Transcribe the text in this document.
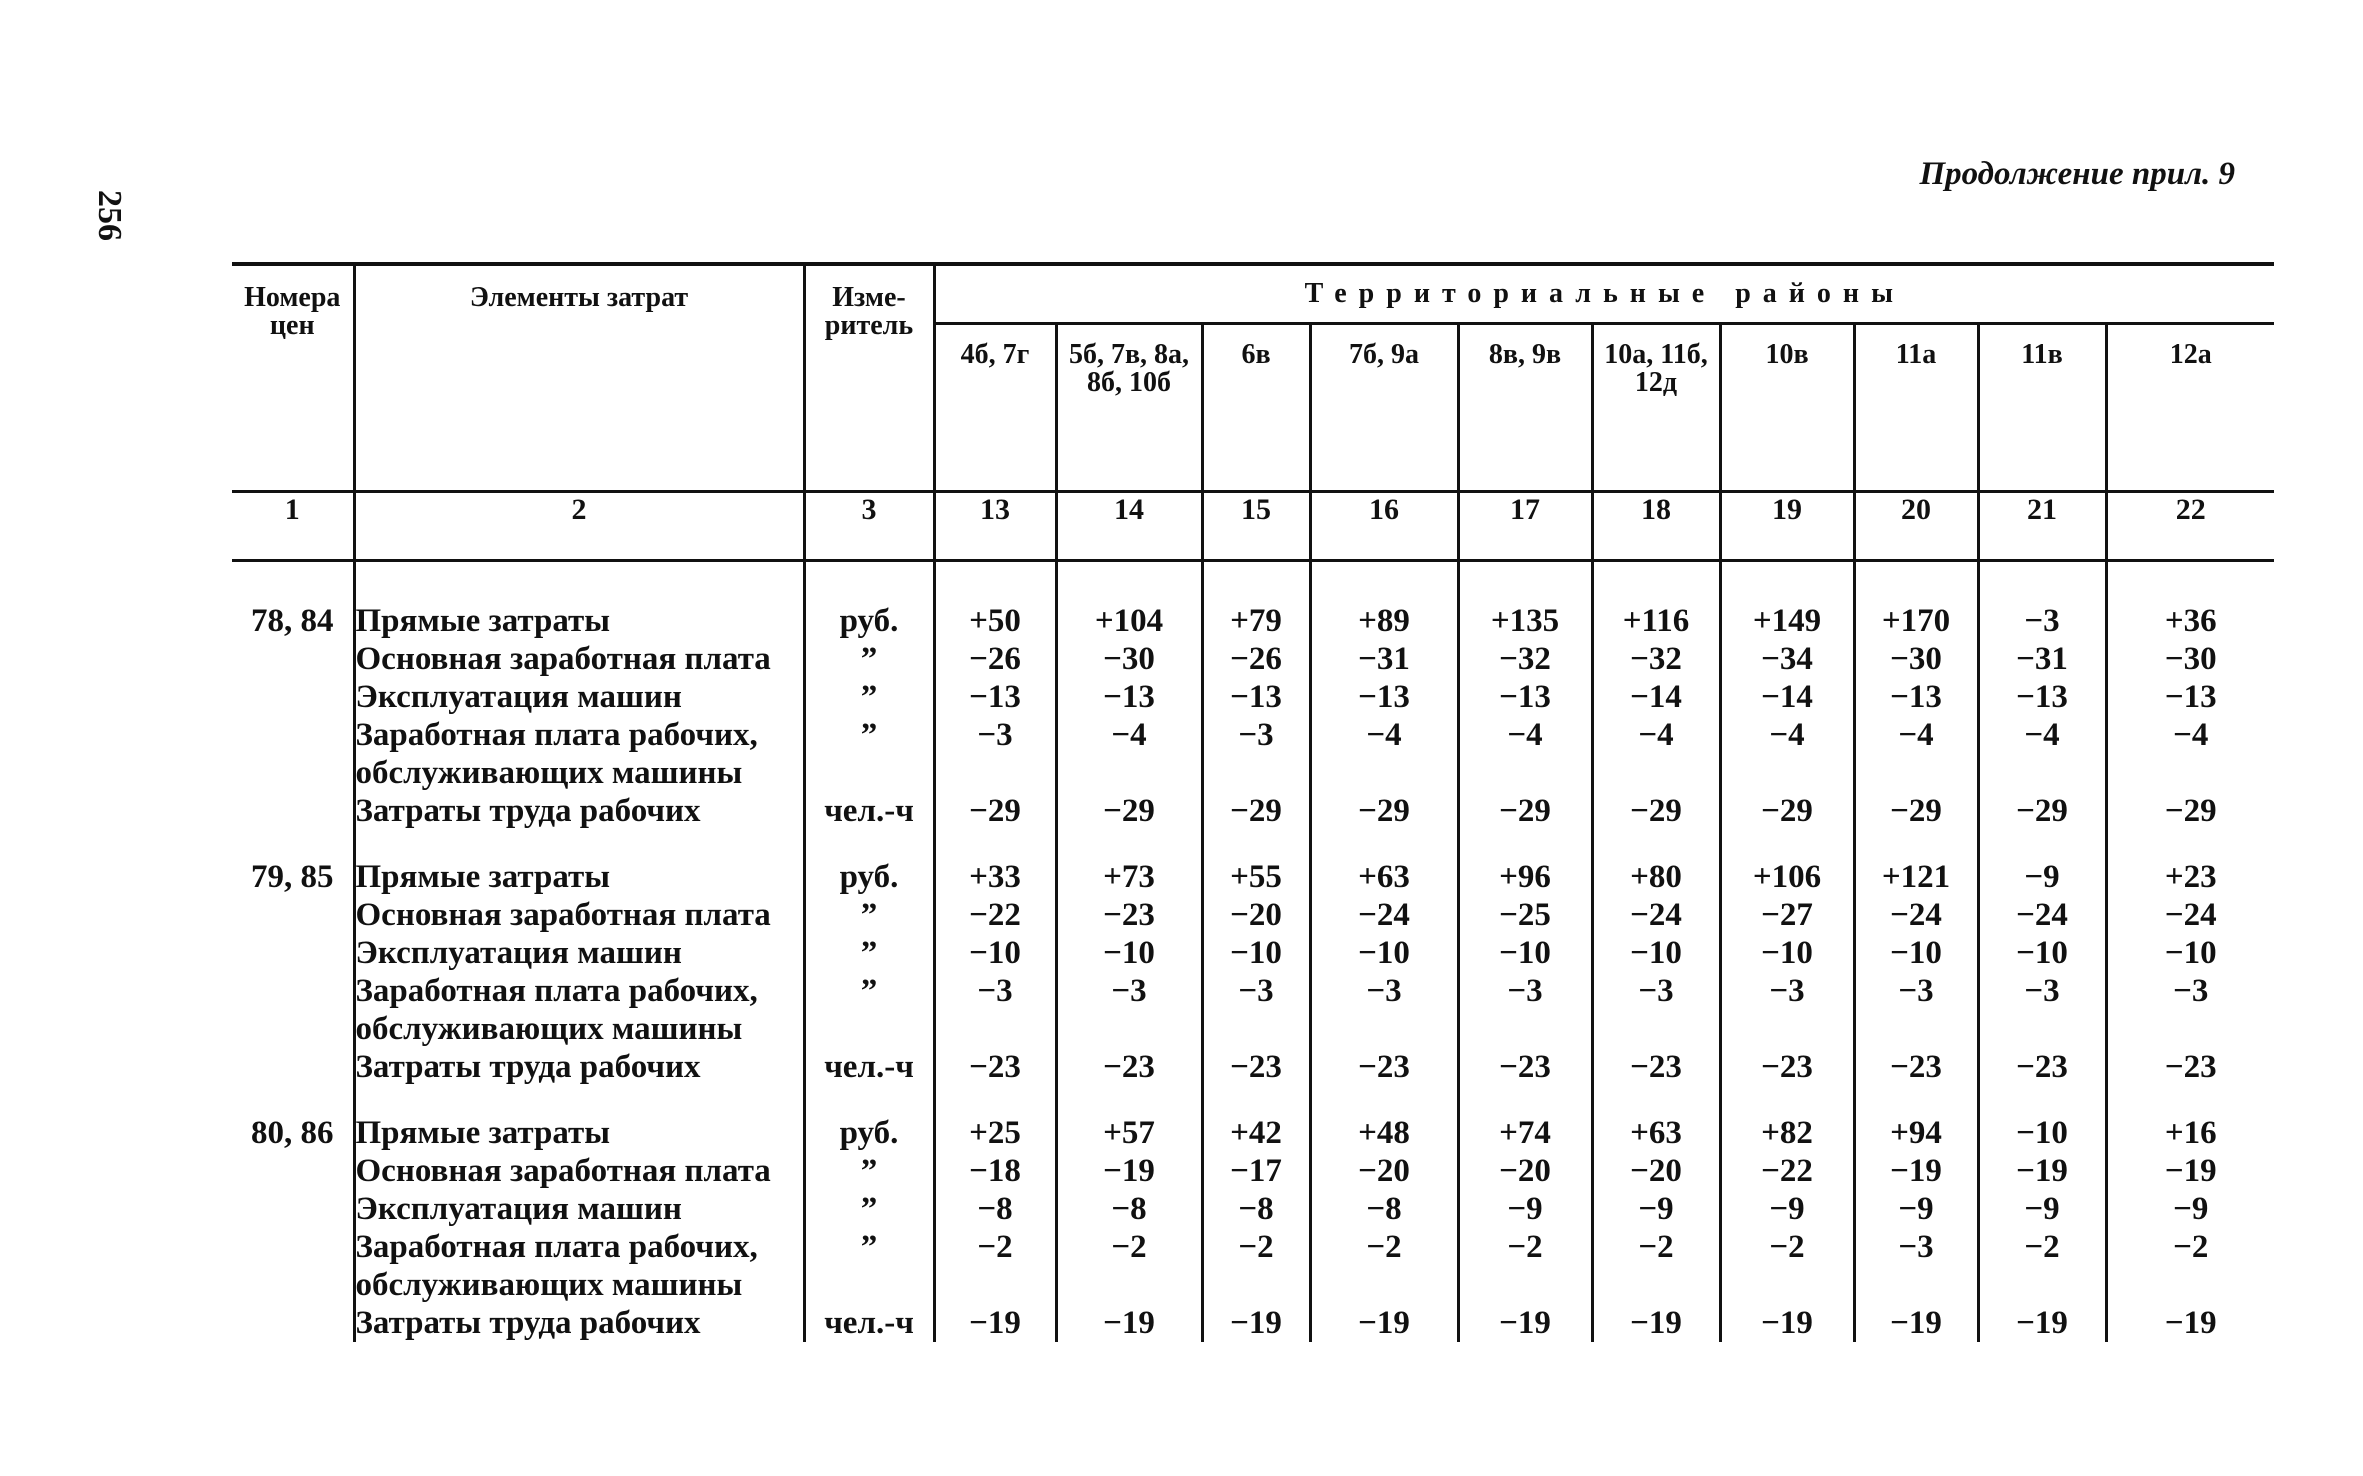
256
Продолжение прил. 9
Номера цен	Элементы затрат	Изме-ритель	Территориальные районы									
			4б, 7г	5б, 7в, 8а, 8б, 10б	6в	7б, 9а	8в, 9в	10а, 11б, 12д	10в	11а	11в	12а
1	2	3	13	14	15	16	17	18	19	20	21	22
78, 84	Прямые затраты	руб.	+50	+104	+79	+89	+135	+116	+149	+170	−3	+36

	Основная заработная плата	”	−26	−30	−26	−31	−32	−32	−34	−30	−31	−30

	Эксплуатация машин	”	−13	−13	−13	−13	−13	−14	−14	−13	−13	−13

	Заработная плата рабочих,
обслуживающих машины	”	−3	−4	−3	−4	−4	−4	−4	−4	−4	−4

	Затраты труда рабочих	чел.-ч	−29	−29	−29	−29	−29	−29	−29	−29	−29	−29
79, 85	Прямые затраты	руб.	+33	+73	+55	+63	+96	+80	+106	+121	−9	+23

	Основная заработная плата	”	−22	−23	−20	−24	−25	−24	−27	−24	−24	−24

	Эксплуатация машин	”	−10	−10	−10	−10	−10	−10	−10	−10	−10	−10

	Заработная плата рабочих,
обслуживающих машины	”	−3	−3	−3	−3	−3	−3	−3	−3	−3	−3

	Затраты труда рабочих	чел.-ч	−23	−23	−23	−23	−23	−23	−23	−23	−23	−23
80, 86	Прямые затраты	руб.	+25	+57	+42	+48	+74	+63	+82	+94	−10	+16

	Основная заработная плата	”	−18	−19	−17	−20	−20	−20	−22	−19	−19	−19

	Эксплуатация машин	”	−8	−8	−8	−8	−9	−9	−9	−9	−9	−9

	Заработная плата рабочих,
обслуживающих машины	”	−2	−2	−2	−2	−2	−2	−2	−3	−2	−2

	Затраты труда рабочих	чел.-ч	−19	−19	−19	−19	−19	−19	−19	−19	−19	−19
